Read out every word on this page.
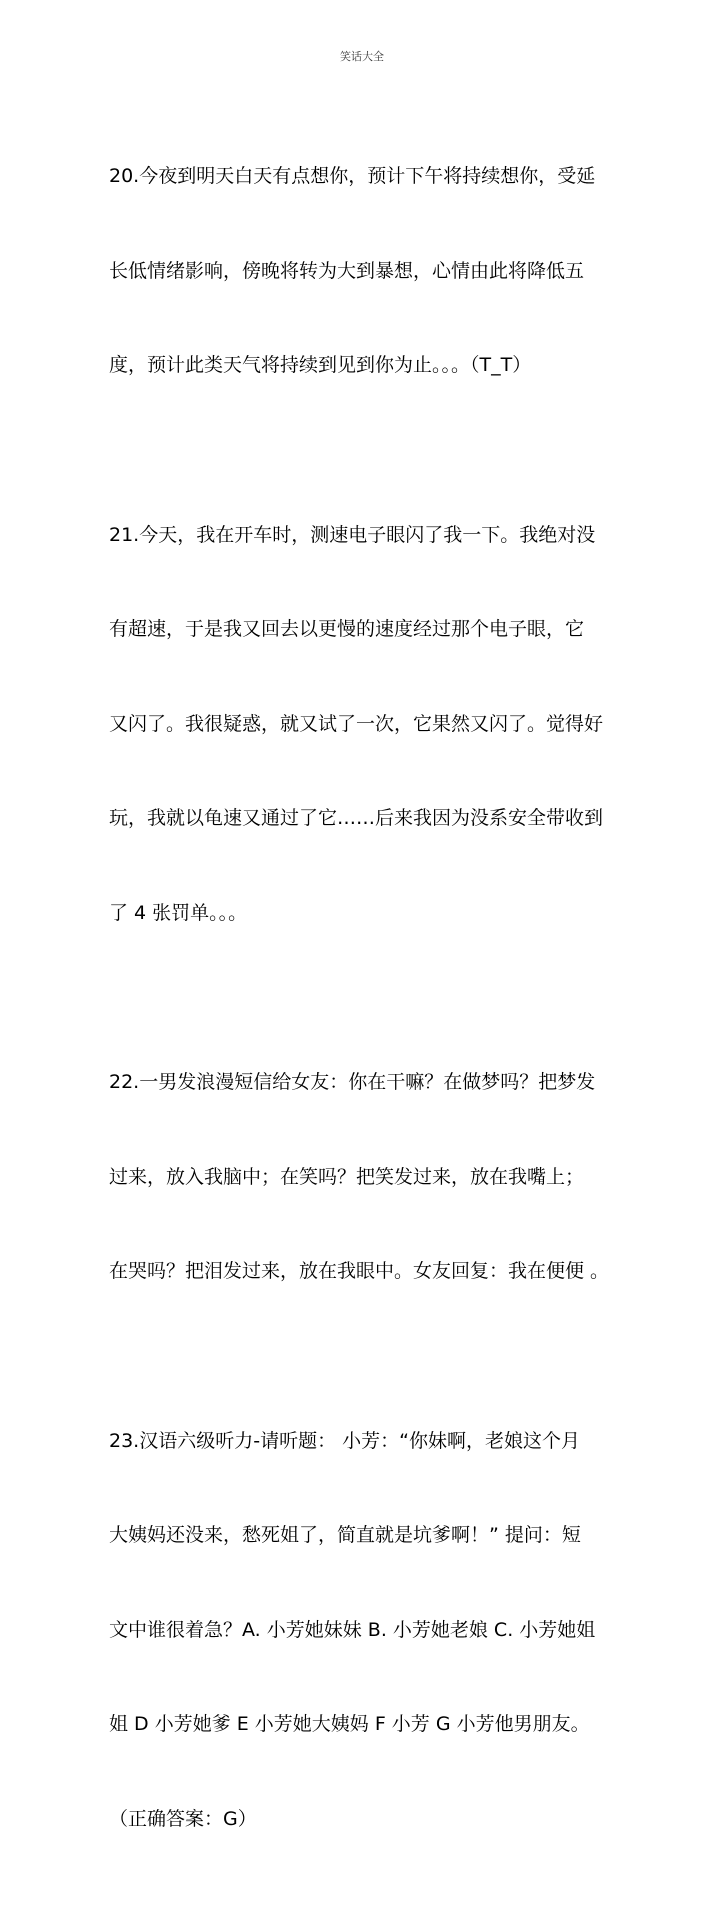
笑话大全

20.今夜到明天白天有点想你，预计下午将持续想你，受延

长低情绪影响，傍晚将转为大到暴想，心情由此将降低五

度，预计此类天气将持续到见到你为止。。。（T_T）

21.今天，我在开车时，测速电子眼闪了我一下。我绝对没

有超速，于是我又回去以更慢的速度经过那个电子眼，它

又闪了。我很疑惑，就又试了一次，它果然又闪了。觉得好

玩，我就以龟速又通过了它……后来我因为没系安全带收到

了 4 张罚单。。。

22.一男发浪漫短信给女友：你在干嘛？在做梦吗？把梦发

过来，放入我脑中；在笑吗？把笑发过来，放在我嘴上；

在哭吗？把泪发过来，放在我眼中。女友回复：我在便便 。

23.汉语六级听力-请听题： 小芳：“你妹啊，老娘这个月

大姨妈还没来，愁死姐了，简直就是坑爹啊！” 提问：短

文中谁很着急？A. 小芳她妹妹 B. 小芳她老娘 C. 小芳她姐

姐 D 小芳她爹 E 小芳她大姨妈 F 小芳 G 小芳他男朋友。

（正确答案：G）
